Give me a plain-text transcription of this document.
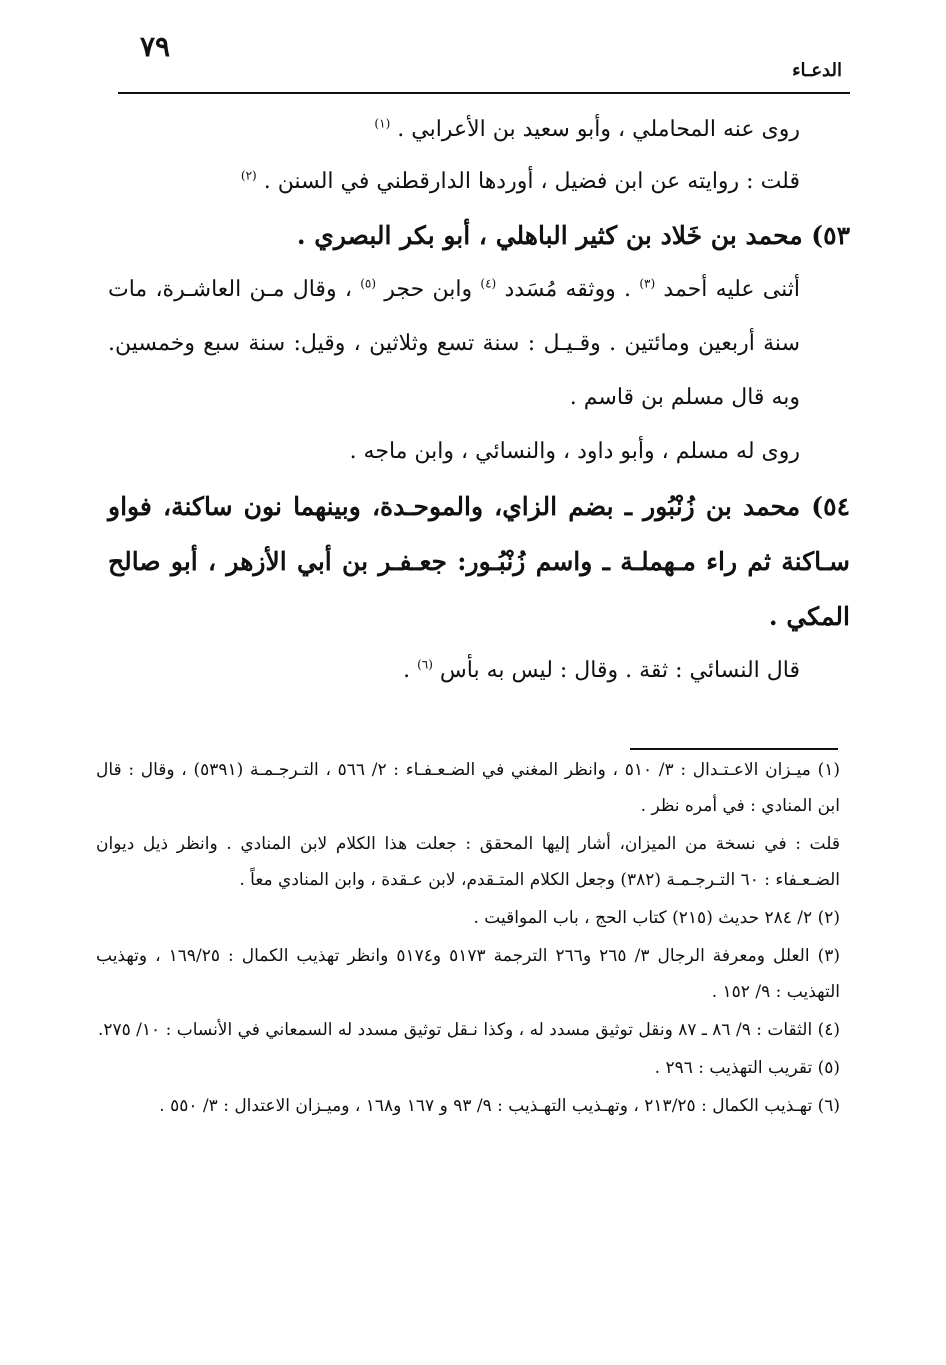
٧٩
الدعـاء

روى عنه المحاملي ، وأبو سعيد بن الأعرابي . $^{(١)}$

قلت : روايته عن ابن فضيل ، أوردها الدارقطني في السنن . $^{(٢)}$

٥٣) محمد بن خَلاد بن كثير الباهلي ، أبو بكر البصري .

أثنى عليه أحمد $^{(٣)}$ . ووثقه مُسَدد $^{(٤)}$ وابن حجر $^{(٥)}$ ، وقال مـن العاشـرة، مات سنة أربعين ومائتين . وقـيـل : سنة تسع وثلاثين ، وقيل: سنة سبع وخمسين. وبه قال مسلم بن قاسم .

روى له مسلم ، وأبو داود ، والنسائي ، وابن ماجه .

٥٤) محمد بن زُنْبُور ـ بضم الزاي، والموحـدة، وبينهما نون ساكنة، فواو سـاكنة ثم راء مـهملـة ـ واسم زُنْبُـور: جعـفـر بن أبي الأزهر ، أبو صالح المكي .

قال النسائي : ثقة . وقال : ليس به بأس $^{(٦)}$ .

(١) ميـزان الاعـتـدال : ٣/ ٥١٠ ، وانظر المغني في الضـعـفـاء : ٢/ ٥٦٦ ، التـرجـمـة (٥٣٩١) ، وقال : قال ابن المنادي : في أمره نظر .

قلت : في نسخة من الميزان، أشار إليها المحقق : جعلت هذا الكلام لابن المنادي . وانظر ذيل ديوان الضـعـفاء : ٦٠ التـرجـمـة (٣٨٢) وجعل الكلام المتـقدم، لابن عـقدة ، وابن المنادي معاً .

(٢) ٢/ ٢٨٤ حديث (٢١٥) كتاب الحج ، باب المواقيت .

(٣) العلل ومعرفة الرجال ٣/ ٢٦٥ و٢٦٦ الترجمة ٥١٧٣ و٥١٧٤ وانظر تهذيب الكمال : ١٦٩/٢٥ ، وتهذيب التهذيب : ٩/ ١٥٢ .

(٤) الثقات : ٩/ ٨٦ ـ ٨٧ ونقل توثيق مسدد له ، وكذا نـقل توثيق مسدد له السمعاني في الأنساب : ١٠/ ٢٧٥.

(٥) تقريب التهذيب : ٢٩٦ .

(٦) تهـذيب الكمال : ٢١٣/٢٥ ، وتهـذيب التهـذيب : ٩/ ٩٣ و ١٦٧ و١٦٨ ، وميـزان الاعتدال : ٣/ ٥٥٠ .
